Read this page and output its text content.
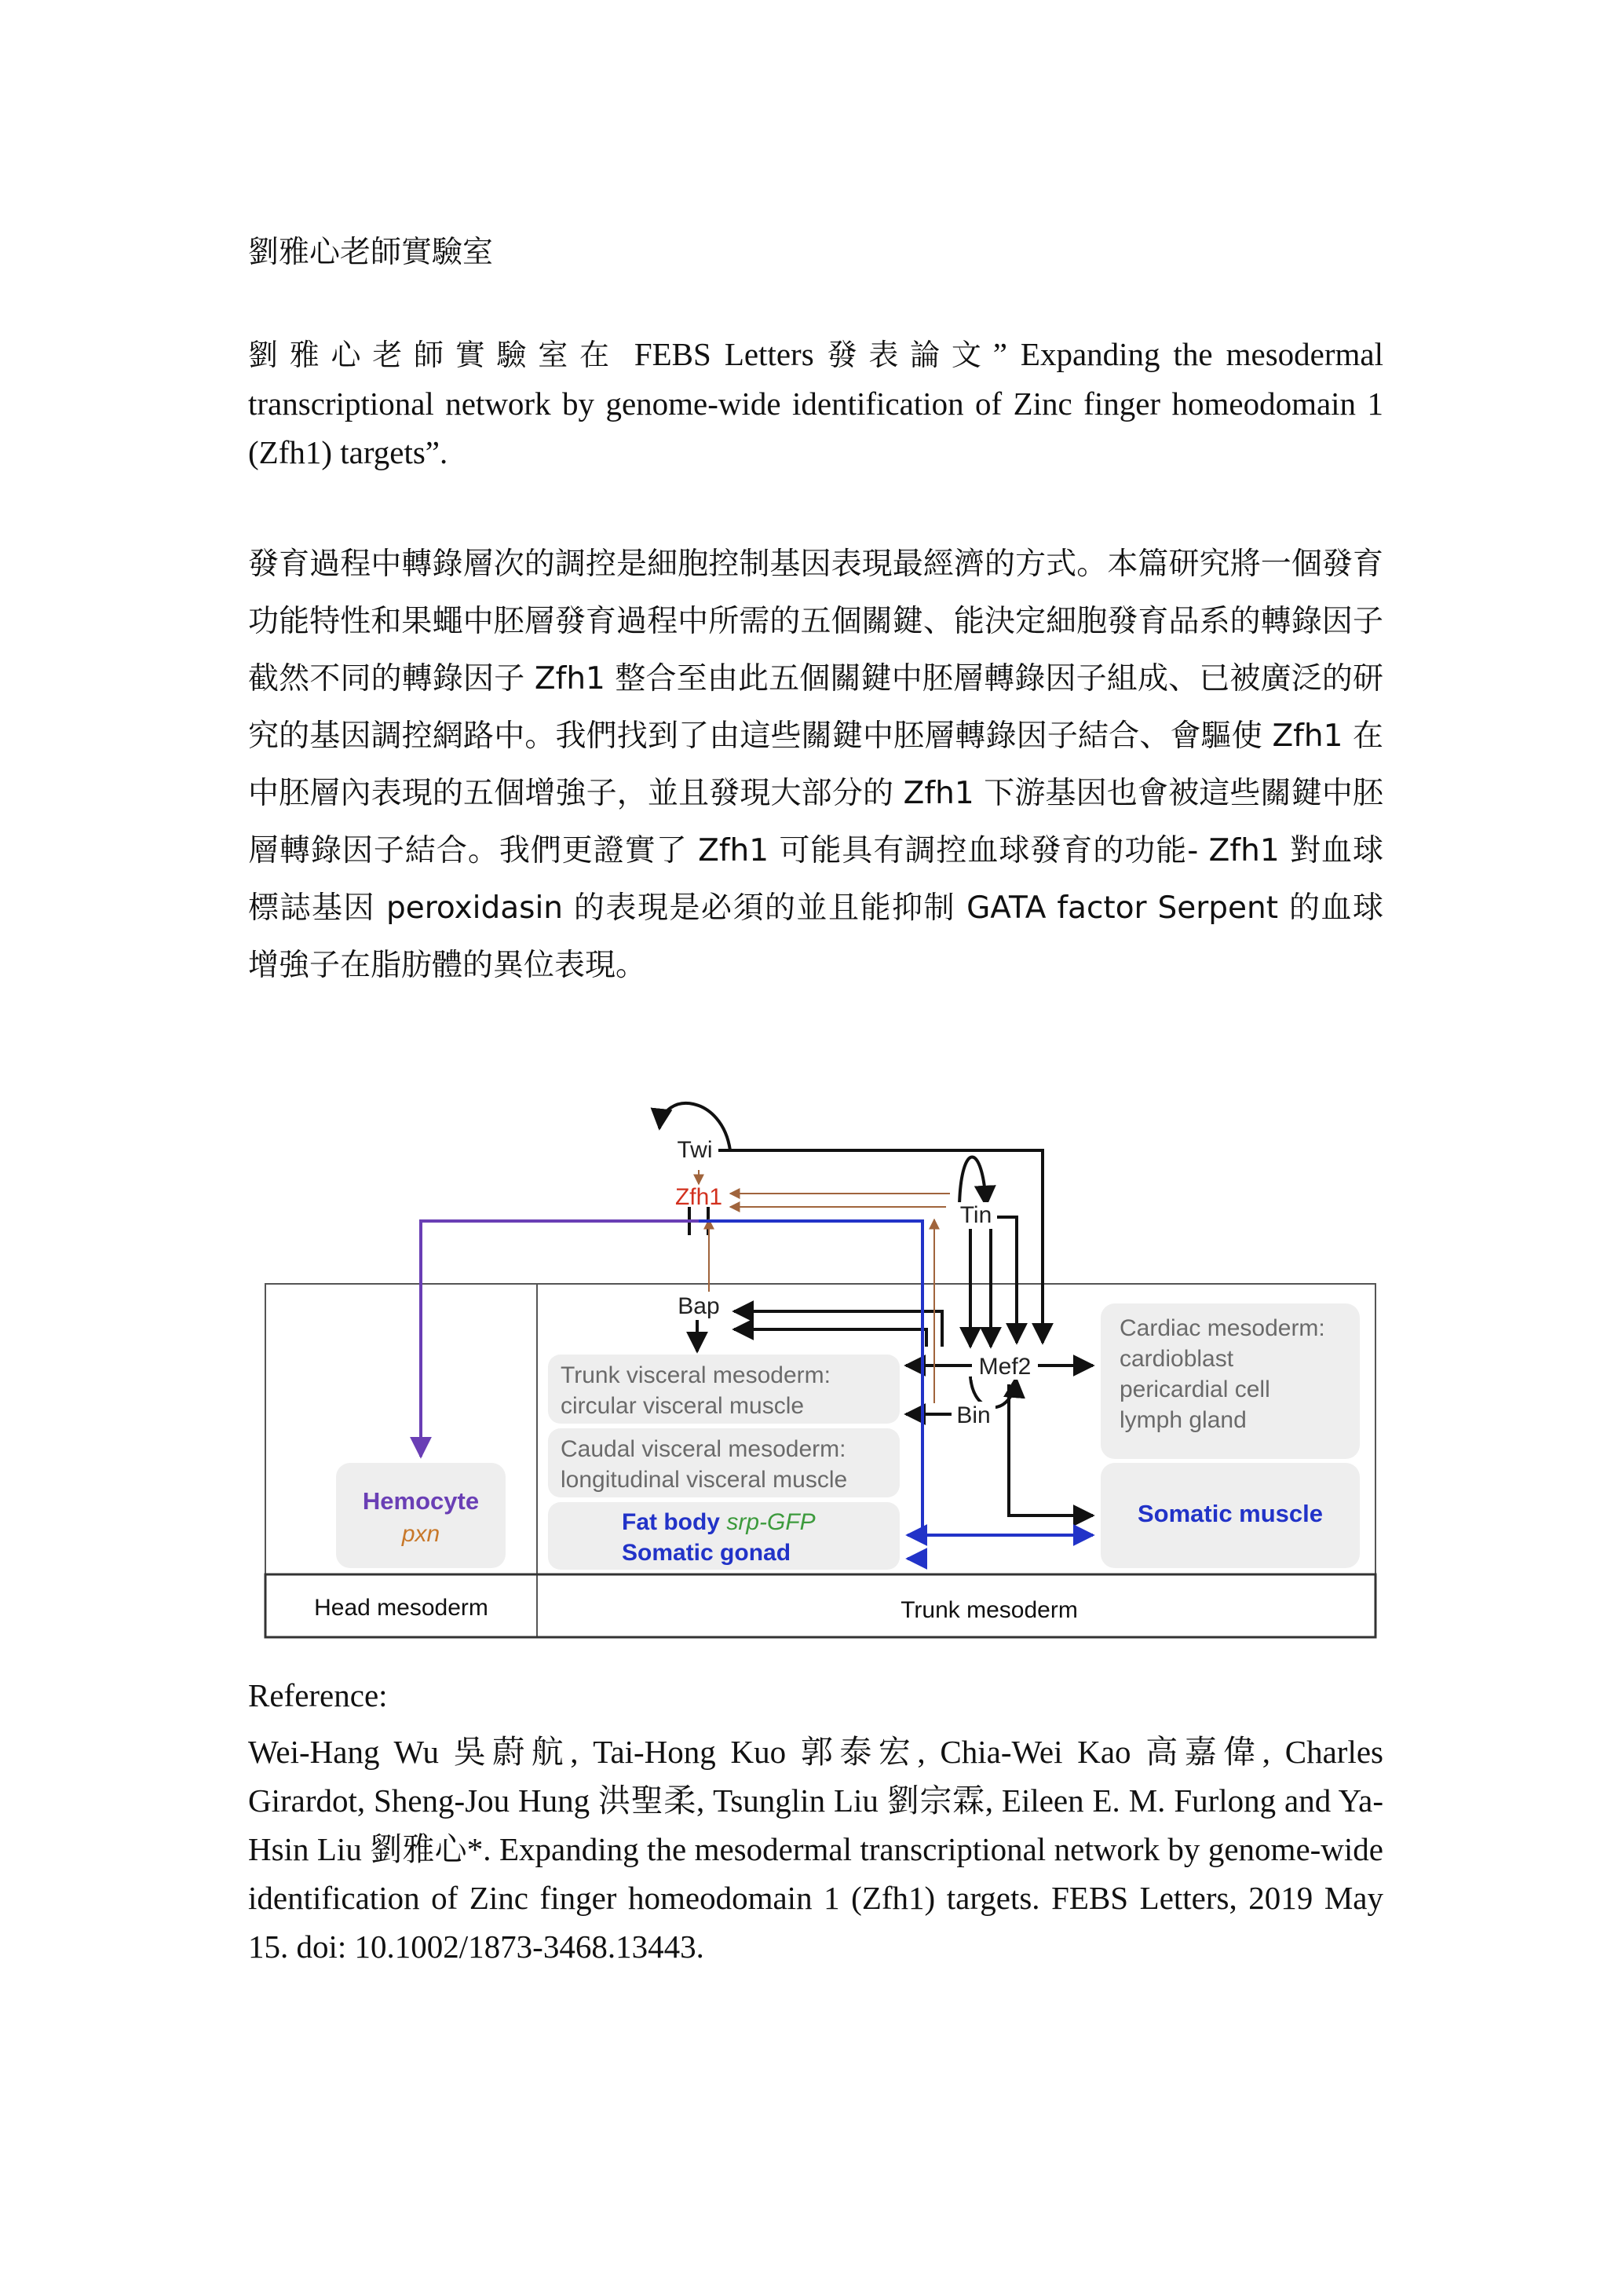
劉雅心老師實驗室
劉雅心老師實驗室在 FEBS Letters 發表論文” Expanding the mesodermal transcriptional network by genome-wide identification of Zinc finger homeodomain 1 (Zfh1) targets”.
發育過程中轉錄層次的調控是細胞控制基因表現最經濟的方式。本篇研究將一個發育功能特性和果蠅中胚層發育過程中所需的五個關鍵、能決定細胞發育品系的轉錄因子截然不同的轉錄因子 Zfh1 整合至由此五個關鍵中胚層轉錄因子組成、已被廣泛的研究的基因調控網路中。我們找到了由這些關鍵中胚層轉錄因子結合、會驅使 Zfh1 在中胚層內表現的五個增強子，並且發現大部分的 Zfh1 下游基因也會被這些關鍵中胚層轉錄因子結合。我們更證實了 Zfh1 可能具有調控血球發育的功能- Zfh1 對血球標誌基因 peroxidasin 的表現是必須的並且能抑制 GATA factor Serpent 的血球增強子在脂肪體的異位表現。
Head mesoderm	Trunk mesoderm
Trunk visceral mesoderm:
circular visceral muscle
Caudal visceral mesoderm:
longitudinal visceral muscle
Fat body srp-GFP
Somatic gonad
Cardiac mesoderm:
cardioblast
pericardial cell
lymph gland
Somatic muscle
Hemocyte
pxn
Twi
Zfh1
Tin
Bap
Mef2
Bin
Reference:
Wei-Hang Wu 吳蔚航, Tai-Hong Kuo 郭泰宏, Chia-Wei Kao 高嘉偉, Charles Girardot, Sheng-Jou Hung 洪聖柔, Tsunglin Liu 劉宗霖, Eileen E. M. Furlong and Ya-Hsin Liu 劉雅心*. Expanding the mesodermal transcriptional network by genome-wide identification of Zinc finger homeodomain 1 (Zfh1) targets. FEBS Letters, 2019 May 15. doi: 10.1002/1873-3468.13443.
